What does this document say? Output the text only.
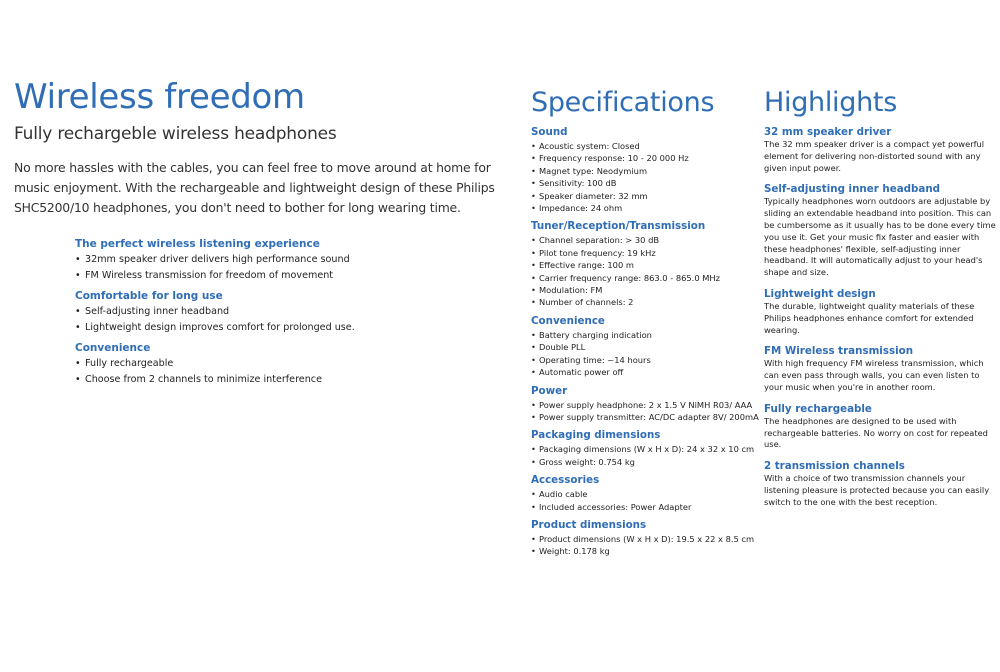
Wireless freedom
Fully rechargeble wireless headphones

No more hassles with the cables, you can feel free to move around at home for music enjoyment. With the rechargeable and lightweight design of these Philips SHC5200/10 headphones, you don't need to bother for long wearing time.

The perfect wireless listening experience
• 32mm speaker driver delivers high performance sound
• FM Wireless transmission for freedom of movement
Comfortable for long use
• Self-adjusting inner headband
• Lightweight design improves comfort for prolonged use.
Convenience
• Fully rechargeable
• Choose from 2 channels to minimize interference
Specifications
Sound
• Acoustic system: Closed
• Frequency response: 10 - 20 000 Hz
• Magnet type: Neodymium
• Sensitivity: 100 dB
• Speaker diameter: 32 mm
• Impedance: 24 ohm
Tuner/Reception/Transmission
• Channel separation: > 30 dB
• Pilot tone frequency: 19 kHz
• Effective range: 100 m
• Carrier frequency range: 863.0 - 865.0 MHz
• Modulation: FM
• Number of channels: 2
Convenience
• Battery charging indication
• Double PLL
• Operating time: ~14 hours
• Automatic power off
Power
• Power supply headphone: 2 x 1.5 V NiMH R03/ AAA
• Power supply transmitter: AC/DC adapter 8V/ 200mA
Packaging dimensions
• Packaging dimensions (W x H x D): 24 x 32 x 10 cm
• Gross weight: 0.754 kg
Accessories
• Audio cable
• Included accessories: Power Adapter
Product dimensions
• Product dimensions (W x H x D): 19.5 x 22 x 8.5 cm
• Weight: 0.178 kg
Highlights
32 mm speaker driver

The 32 mm speaker driver is a compact yet powerful element for delivering non-distorted sound with any given input power.

Self-adjusting inner headband

Typically headphones worn outdoors are adjustable by sliding an extendable headband into position. This can be cumbersome as it usually has to be done every time you use it. Get your music fix faster and easier with these headphones' flexible, self-adjusting inner headband. It will automatically adjust to your head's shape and size.

Lightweight design

The durable, lightweight quality materials of these Philips headphones enhance comfort for extended wearing.

FM Wireless transmission

With high frequency FM wireless transmission, which can even pass through walls, you can even listen to your music when you're in another room.

Fully rechargeable

The headphones are designed to be used with rechargeable batteries. No worry on cost for repeated use.

2 transmission channels

With a choice of two transmission channels your listening pleasure is protected because you can easily switch to the one with the best reception.
